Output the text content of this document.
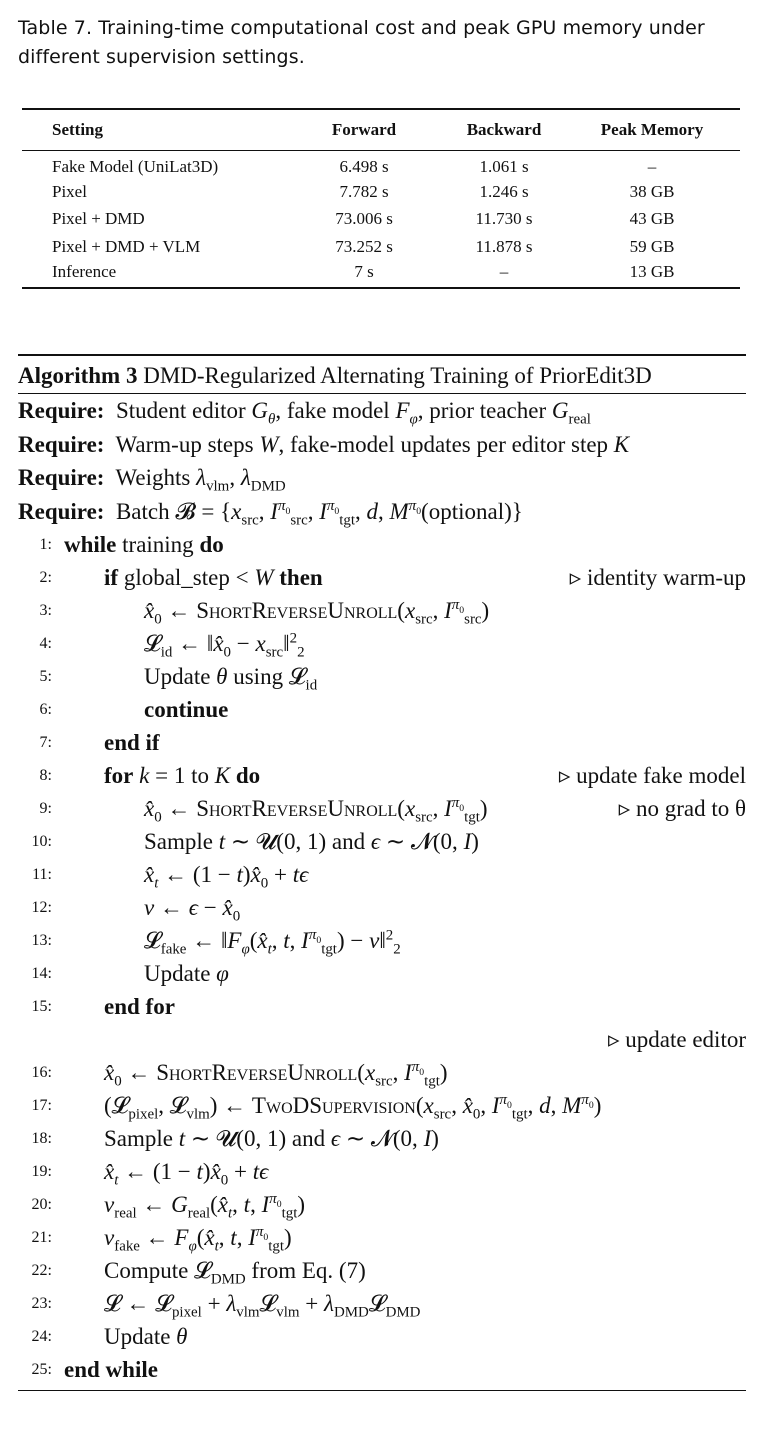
Table 7. Training-time computational cost and peak GPU memory under different supervision settings.
Setting	Forward	Backward	Peak Memory
Fake Model (UniLat3D)	6.498 s	1.061 s	–
Pixel	7.782 s	1.246 s	38 GB
Pixel + DMD	73.006 s	11.730 s	43 GB
Pixel + DMD + VLM	73.252 s	11.878 s	59 GB
Inference	7 s	–	13 GB
Algorithm 3 DMD-Regularized Alternating Training of PriorEdit3D
Require:  Student editor $G_\theta$, fake model $F_\varphi$, prior teacher $G_{real}$
Require:  Warm-up steps W, fake-model updates per editor step K
Require:  Weights $\lambda_{vlm}$, $\lambda_{DMD}$
Require:  Batch 𝓑 = {$x_{src}$, $I^{\pi_0}_{src}$, $I^{\pi_0}_{tgt}$, d, $M^{\pi_0}(optional)$}
1: while training do
2: if global_step < W then	▹ identity warm-up
3:	$x̂_0$ ← $ShortReverseUnroll(x_{src}$, $I^{\pi_0}_{src}$)
4:	𝓛$_{id}$ ← $‖x̂_0$ − $x_{src}‖^2_2$
5:	Update θ using 𝓛$_{id}$
6:	continue
7: end if
8: for k = 1 to K do	▹ update fake model
9:	$x̂_0$ ← $ShortReverseUnroll(x_{src}$, $I^{\pi_0}_{tgt}$)	▹ no grad to θ
10:	Sample t ∼ 𝓤(0, 1) and ϵ ∼ 𝓝(0, I)
11:	$x̂_t$ ← $(1 - t)x̂_0 + t\epsilon$
12:	v ← $\epsilon - x̂_0$
13:	𝓛$_{fake}$ ← $‖F_\varphi(x̂_t$, t, $I^{\pi_0}_{tgt}$) − v‖$^2_2$
14:	Update φ
15: end for
▹ update editor
16: $x̂_0$ ← $ShortReverseUnroll(x_{src}$, $I^{\pi_0}_{tgt}$)
17: (𝓛$_{pixel}$, 𝓛$_{vlm}$) ← $TwoDSupervision(x_{src}$, $x̂_0$, $I^{\pi_0}_{tgt}$, d, $M^{\pi_0}$)
18: Sample t ∼ 𝓤(0, 1) and ϵ ∼ 𝓝(0, I)
19: $x̂_t$ ← $(1 - t)x̂_0 + t\epsilon$
20: $v_{real}$ ← $G_{real}(x̂_t$, t, $I^{\pi_0}_{tgt}$)
21: $v_{fake}$ ← $F_\varphi(x̂_t$, t, $I^{\pi_0}_{tgt}$)
22: Compute 𝓛$_{DMD}$ from Eq. (7)
23: 𝓛 ← 𝓛$_{pixel}$ + $\lambda_{vlm}𝓛_{vlm}$ + $\lambda_{DMD}𝓛_{DMD}$
24: Update θ
25: end while
